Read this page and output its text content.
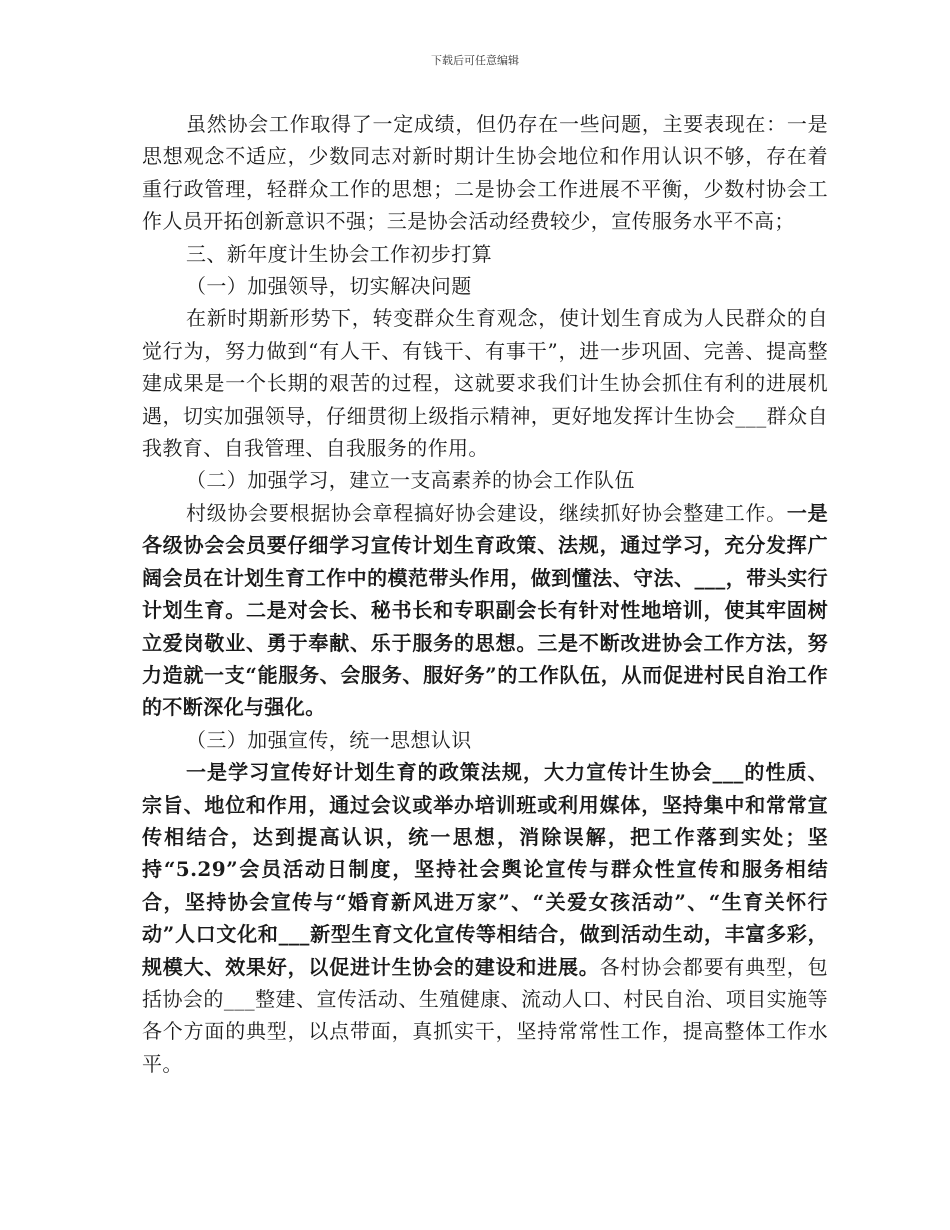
下载后可任意编辑

虽然协会工作取得了一定成绩，但仍存在一些问题，主要表现在：一是思想观念不适应，少数同志对新时期计生协会地位和作用认识不够，存在着重行政管理，轻群众工作的思想；二是协会工作进展不平衡，少数村协会工作人员开拓创新意识不强；三是协会活动经费较少，宣传服务水平不高；

三、新年度计生协会工作初步打算

（一）加强领导，切实解决问题

在新时期新形势下，转变群众生育观念，使计划生育成为人民群众的自觉行为，努力做到“有人干、有钱干、有事干”，进一步巩固、完善、提高整建成果是一个长期的艰苦的过程，这就要求我们计生协会抓住有利的进展机遇，切实加强领导，仔细贯彻上级指示精神，更好地发挥计生协会___群众自我教育、自我管理、自我服务的作用。

（二）加强学习，建立一支高素养的协会工作队伍

村级协会要根据协会章程搞好协会建设，继续抓好协会整建工作。一是各级协会会员要仔细学习宣传计划生育政策、法规，通过学习，充分发挥广阔会员在计划生育工作中的模范带头作用，做到懂法、守法、___，带头实行计划生育。二是对会长、秘书长和专职副会长有针对性地培训，使其牢固树立爱岗敬业、勇于奉献、乐于服务的思想。三是不断改进协会工作方法，努力造就一支“能服务、会服务、服好务”的工作队伍，从而促进村民自治工作的不断深化与强化。

（三）加强宣传，统一思想认识

一是学习宣传好计划生育的政策法规，大力宣传计生协会___的性质、宗旨、地位和作用，通过会议或举办培训班或利用媒体，坚持集中和常常宣传相结合，达到提高认识，统一思想，消除误解，把工作落到实处；坚持“5.29”会员活动日制度，坚持社会舆论宣传与群众性宣传和服务相结合，坚持协会宣传与“婚育新风进万家”、“关爱女孩活动”、“生育关怀行动”人口文化和___新型生育文化宣传等相结合，做到活动生动，丰富多彩，规模大、效果好，以促进计生协会的建设和进展。各村协会都要有典型，包括协会的___整建、宣传活动、生殖健康、流动人口、村民自治、项目实施等各个方面的典型，以点带面，真抓实干，坚持常常性工作，提高整体工作水平。
